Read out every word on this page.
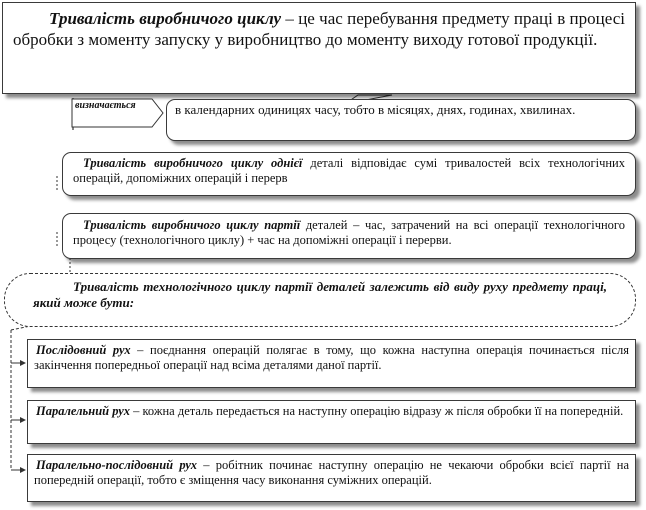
Тривалість виробничого циклу – це час перебування предмету праці в процесі обробки з моменту запуску у виробництво до моменту виходу готової продукції.
визначається	в календарних одиницях часу, тобто в місяцях, днях, годинах, хвилинах.
Тривалість виробничого циклу однієї деталі відповідає сумі тривалостей всіх технологічних операцій, допоміжних операцій і перерв
Тривалість виробничого циклу партії деталей – час, затрачений на всі операції технологічного процесу (технологічного циклу) + час на допоміжні операції і перерви.
Тривалість технологічного циклу партії деталей залежить від виду руху предмету праці, який може бути:
Послідовний рух – поєднання операцій полягає в тому, що кожна наступна операція починається після закінчення попередньої операції над всіма деталями даної партії.
Паралельний рух – кожна деталь передається на наступну операцію відразу ж після обробки її на попередній.
Паралельно-послідовний рух – робітник починає наступну операцію не чекаючи обробки всієї партії на попередній операції, тобто є зміщення часу виконання суміжних операцій.
